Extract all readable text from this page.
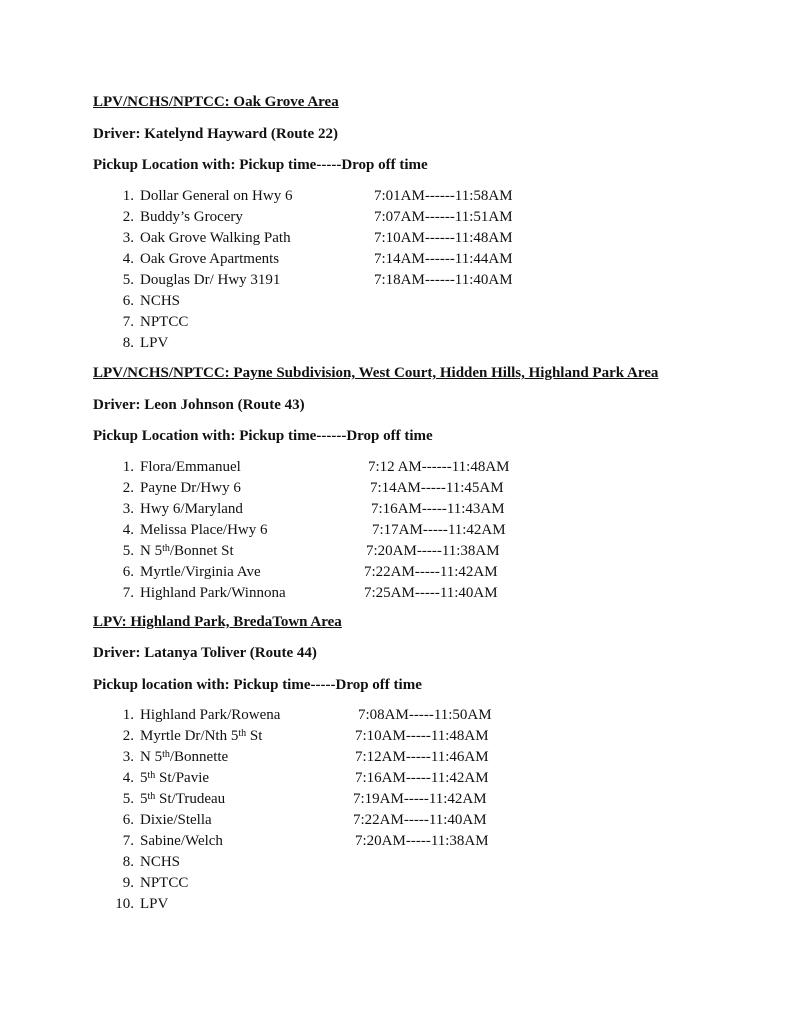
LPV/NCHS/NPTCC: Oak Grove Area
Driver: Katelynd Hayward (Route 22)
Pickup Location with: Pickup time-----Drop off time
1. Dollar General on Hwy 6	7:01AM------11:58AM
2. Buddy’s Grocery	7:07AM------11:51AM
3. Oak Grove Walking Path	7:10AM------11:48AM
4. Oak Grove Apartments	7:14AM------11:44AM
5. Douglas Dr/ Hwy 3191	7:18AM------11:40AM
6. NCHS
7. NPTCC
8. LPV
LPV/NCHS/NPTCC: Payne Subdivision, West Court, Hidden Hills, Highland Park Area
Driver: Leon Johnson (Route 43)
Pickup Location with: Pickup time------Drop off time
1. Flora/Emmanuel	7:12 AM------11:48AM
2. Payne Dr/Hwy 6	7:14AM-----11:45AM
3. Hwy 6/Maryland	7:16AM-----11:43AM
4. Melissa Place/Hwy 6	7:17AM-----11:42AM
5. N 5th/Bonnet St	7:20AM-----11:38AM
6. Myrtle/Virginia Ave	7:22AM-----11:42AM
7. Highland Park/Winnona	7:25AM-----11:40AM
LPV: Highland Park, BredaTown Area
Driver: Latanya Toliver (Route 44)
Pickup location with: Pickup time-----Drop off time
1. Highland Park/Rowena	7:08AM-----11:50AM
2. Myrtle Dr/Nth 5th St	7:10AM-----11:48AM
3. N 5th/Bonnette	7:12AM-----11:46AM
4. 5th St/Pavie	7:16AM-----11:42AM
5. 5th St/Trudeau	7:19AM-----11:42AM
6. Dixie/Stella	7:22AM-----11:40AM
7. Sabine/Welch	7:20AM-----11:38AM
8. NCHS
9. NPTCC
10. LPV
